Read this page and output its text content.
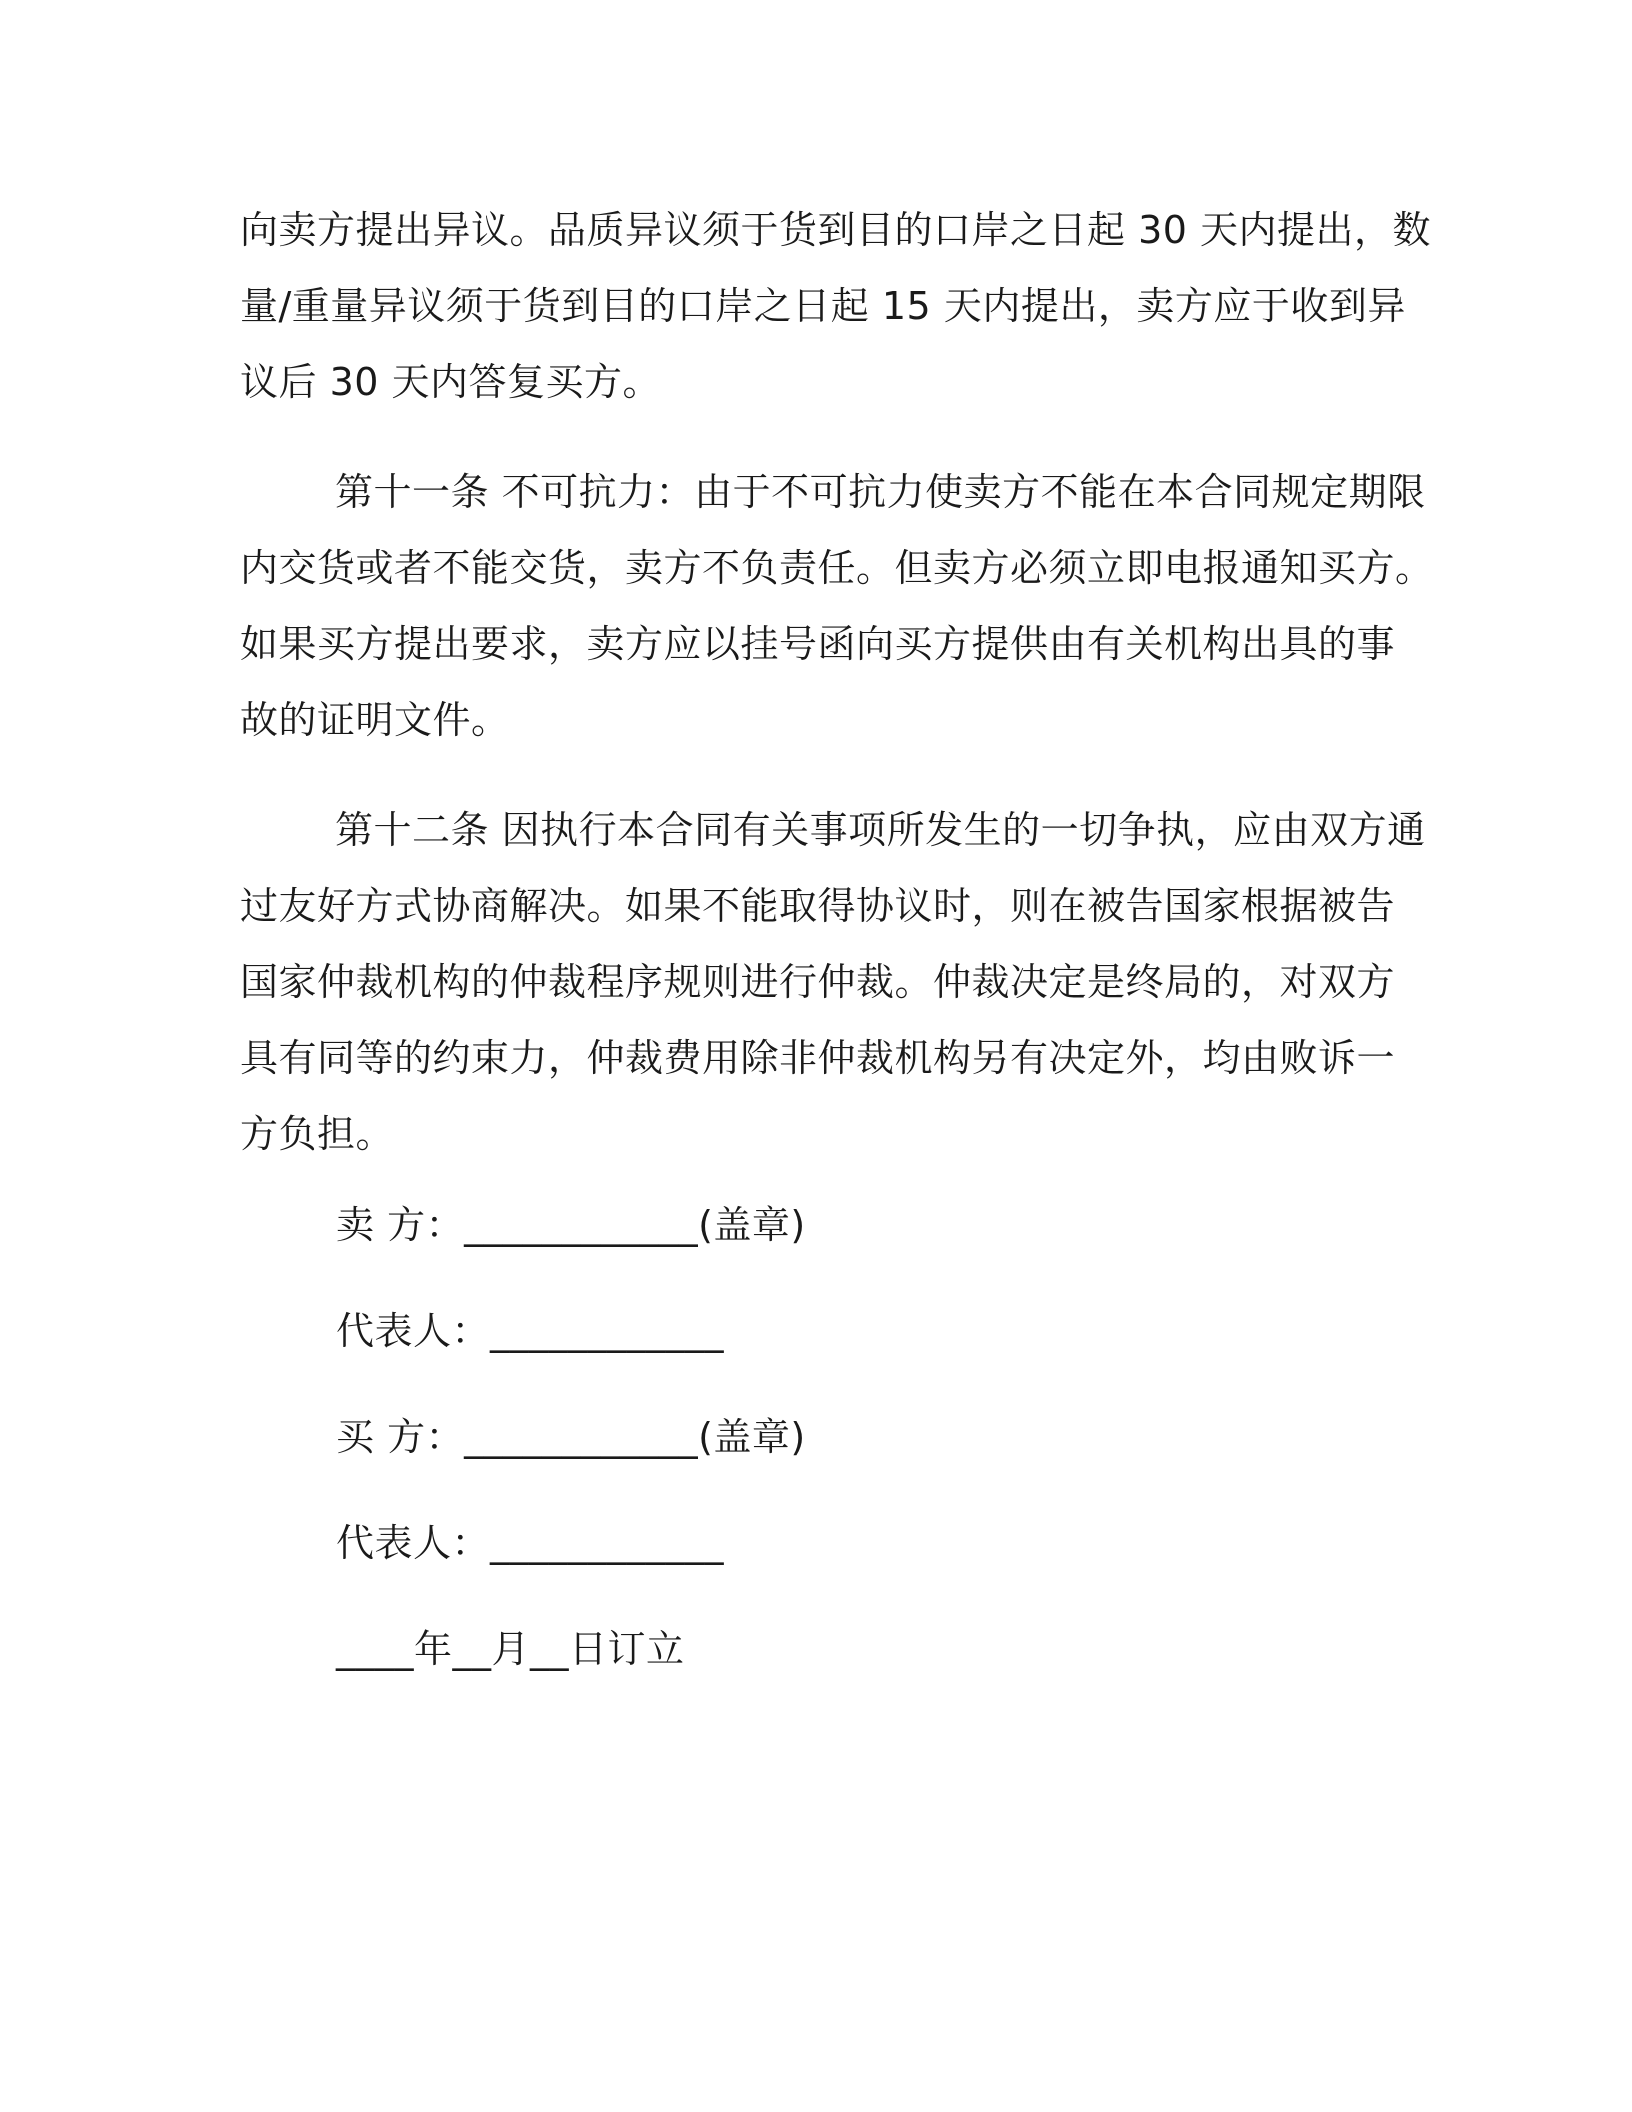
向卖方提出异议。品质异议须于货到目的口岸之日起 30 天内提出，数
量/重量异议须于货到目的口岸之日起 15 天内提出，卖方应于收到异
议后 30 天内答复买方。

第十一条 不可抗力：由于不可抗力使卖方不能在本合同规定期限
内交货或者不能交货，卖方不负责任。但卖方必须立即电报通知买方。
如果买方提出要求，卖方应以挂号函向买方提供由有关机构出具的事
故的证明文件。

第十二条 因执行本合同有关事项所发生的一切争执，应由双方通
过友好方式协商解决。如果不能取得协议时，则在被告国家根据被告
国家仲裁机构的仲裁程序规则进行仲裁。仲裁决定是终局的，对双方
具有同等的约束力，仲裁费用除非仲裁机构另有决定外，均由败诉一
方负担。

卖 方：____________(盖章)
代表人：____________
买 方：____________(盖章)
代表人：____________
____年__月__日订立
